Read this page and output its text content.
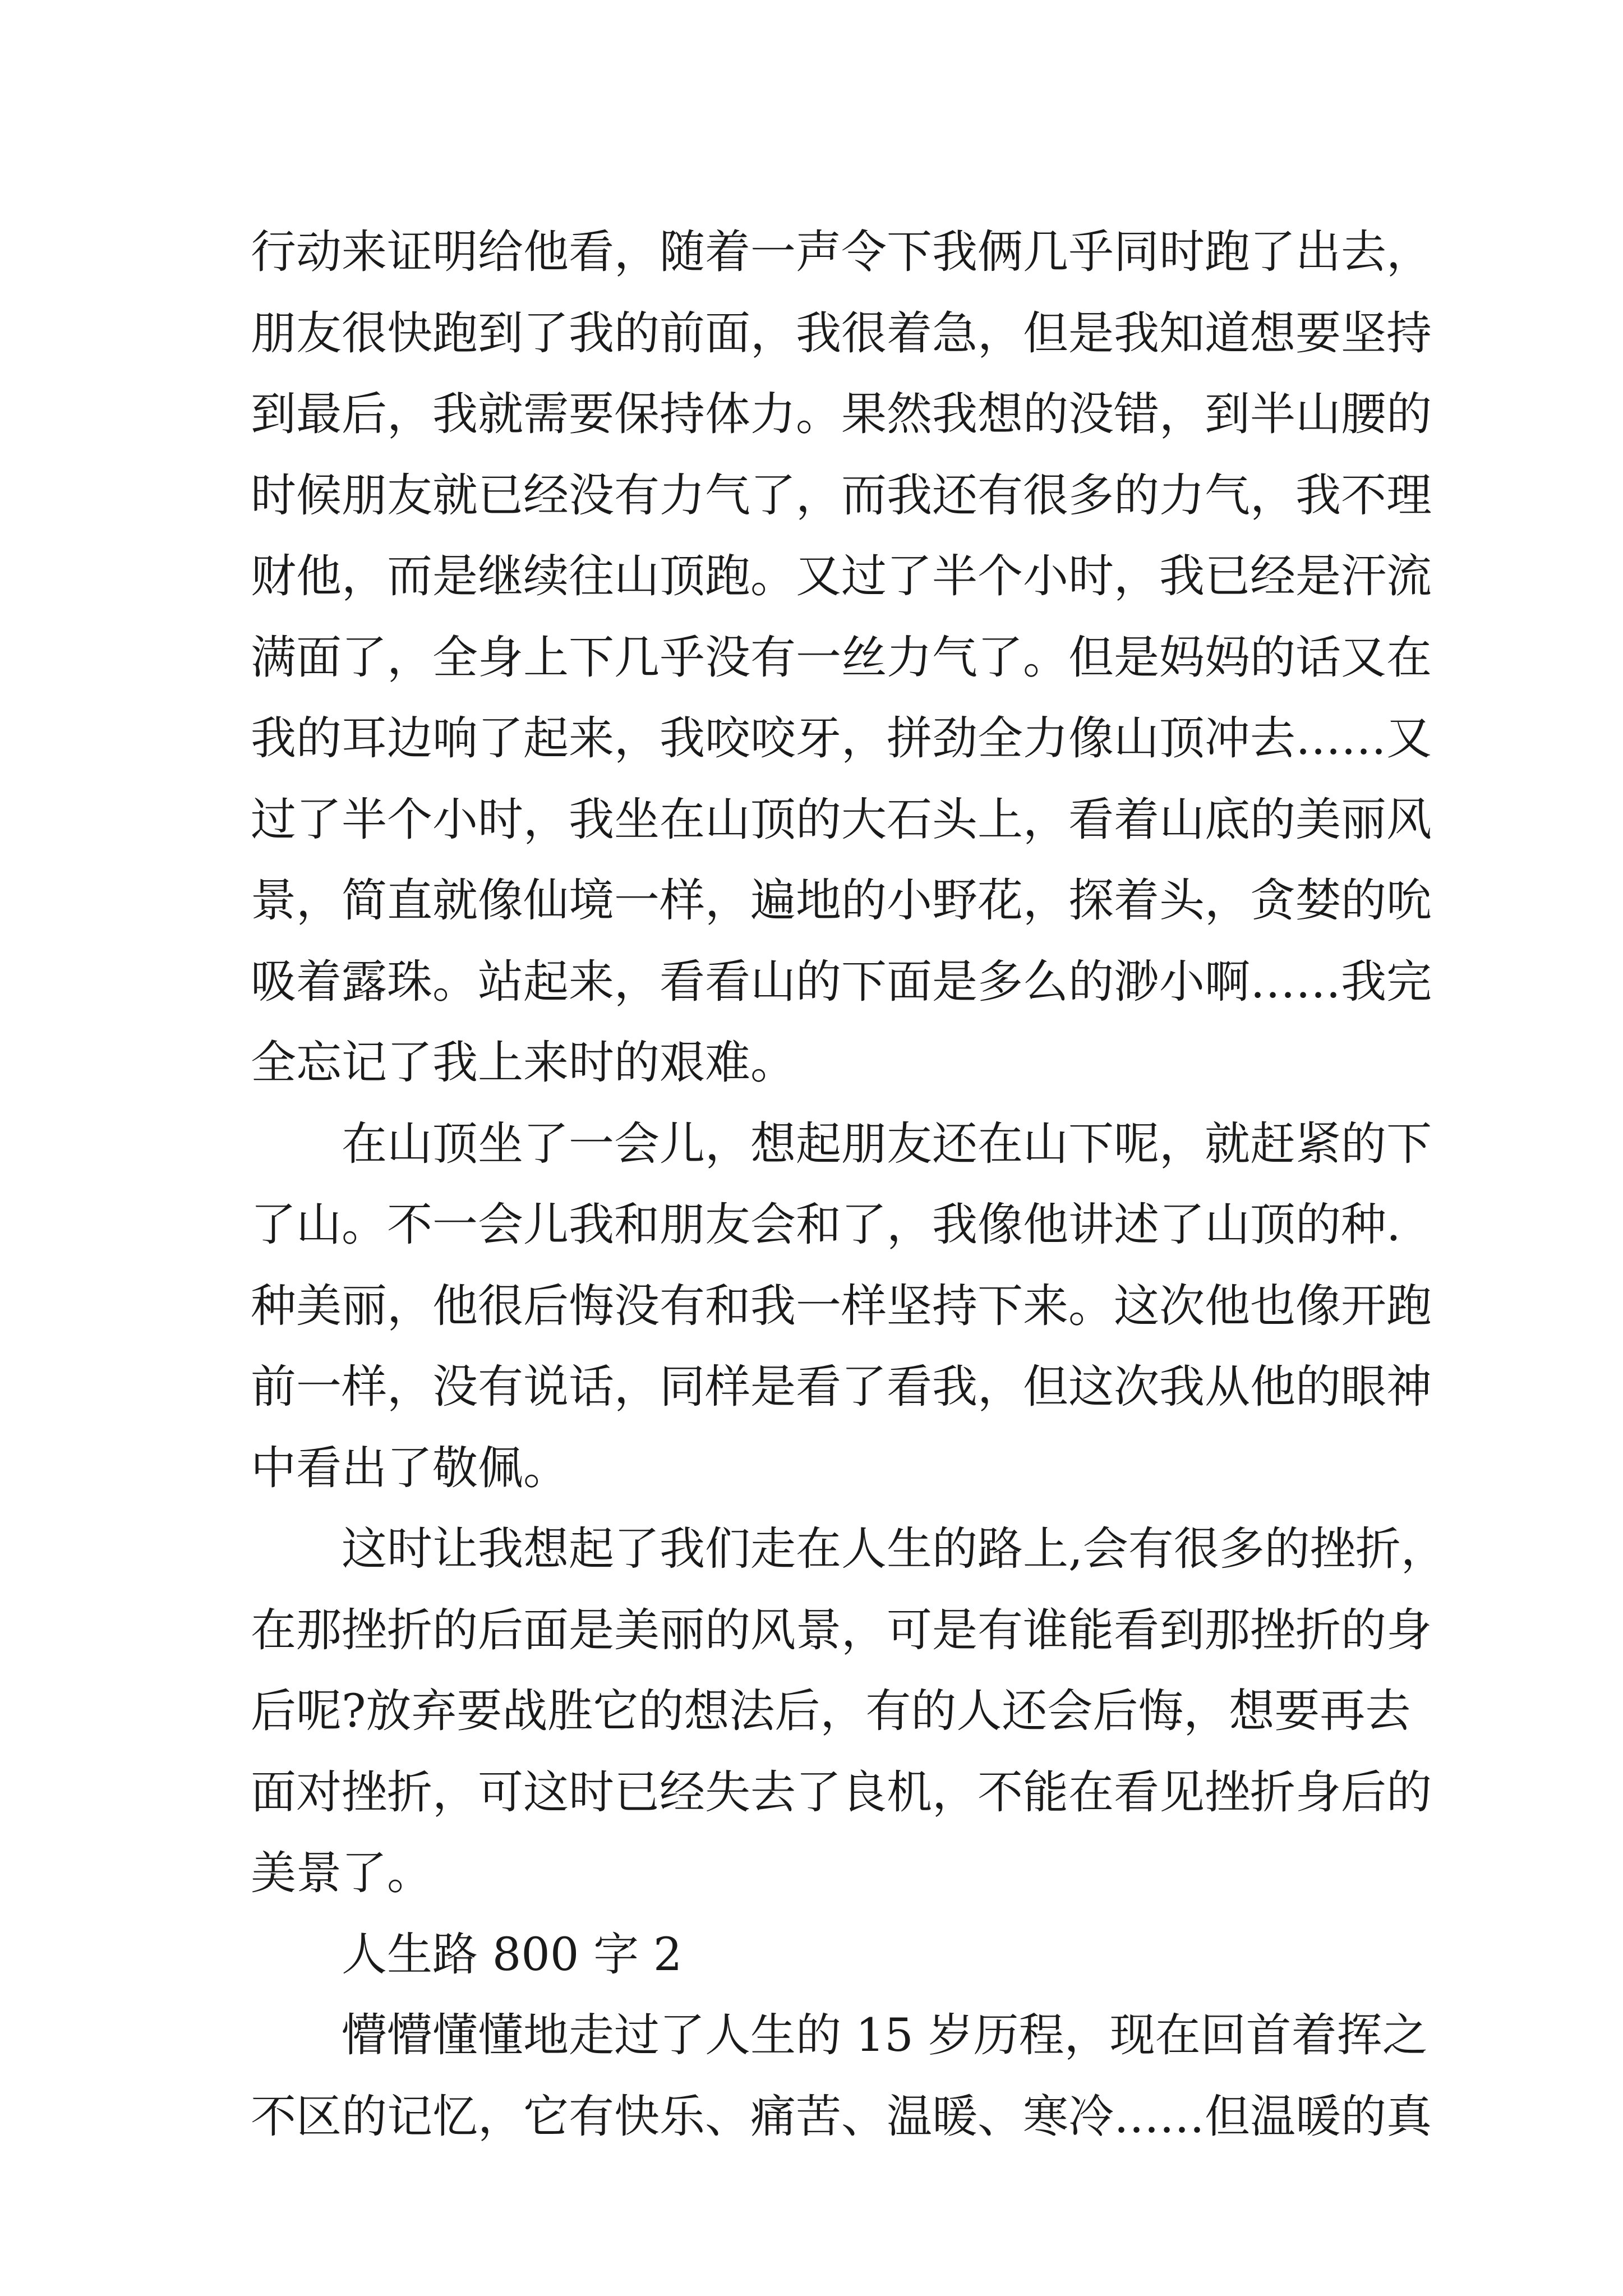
行动来证明给他看，随着一声令下我俩几乎同时跑了出去，
朋友很快跑到了我的前面，我很着急，但是我知道想要坚持
到最后，我就需要保持体力。果然我想的没错，到半山腰的
时候朋友就已经没有力气了，而我还有很多的力气，我不理
财他，而是继续往山顶跑。又过了半个小时，我已经是汗流
满面了，全身上下几乎没有一丝力气了。但是妈妈的话又在
我的耳边响了起来，我咬咬牙，拼劲全力像山顶冲去……又
过了半个小时，我坐在山顶的大石头上，看着山底的美丽风
景，简直就像仙境一样，遍地的小野花，探着头，贪婪的吮
吸着露珠。站起来，看看山的下面是多么的渺小啊……我完
全忘记了我上来时的艰难。
在山顶坐了一会儿，想起朋友还在山下呢，就赶紧的下
了山。不一会儿我和朋友会和了，我像他讲述了山顶的种.
种美丽，他很后悔没有和我一样坚持下来。这次他也像开跑
前一样，没有说话，同样是看了看我，但这次我从他的眼神
中看出了敬佩。
这时让我想起了我们走在人生的路上,会有很多的挫折，
在那挫折的后面是美丽的风景，可是有谁能看到那挫折的身
后呢?放弃要战胜它的想法后，有的人还会后悔，想要再去
面对挫折，可这时已经失去了良机，不能在看见挫折身后的
美景了。
人生路 800 字 2
懵懵懂懂地走过了人生的 15 岁历程，现在回首着挥之
不区的记忆，它有快乐、痛苦、温暖、寒冷……但温暖的真
